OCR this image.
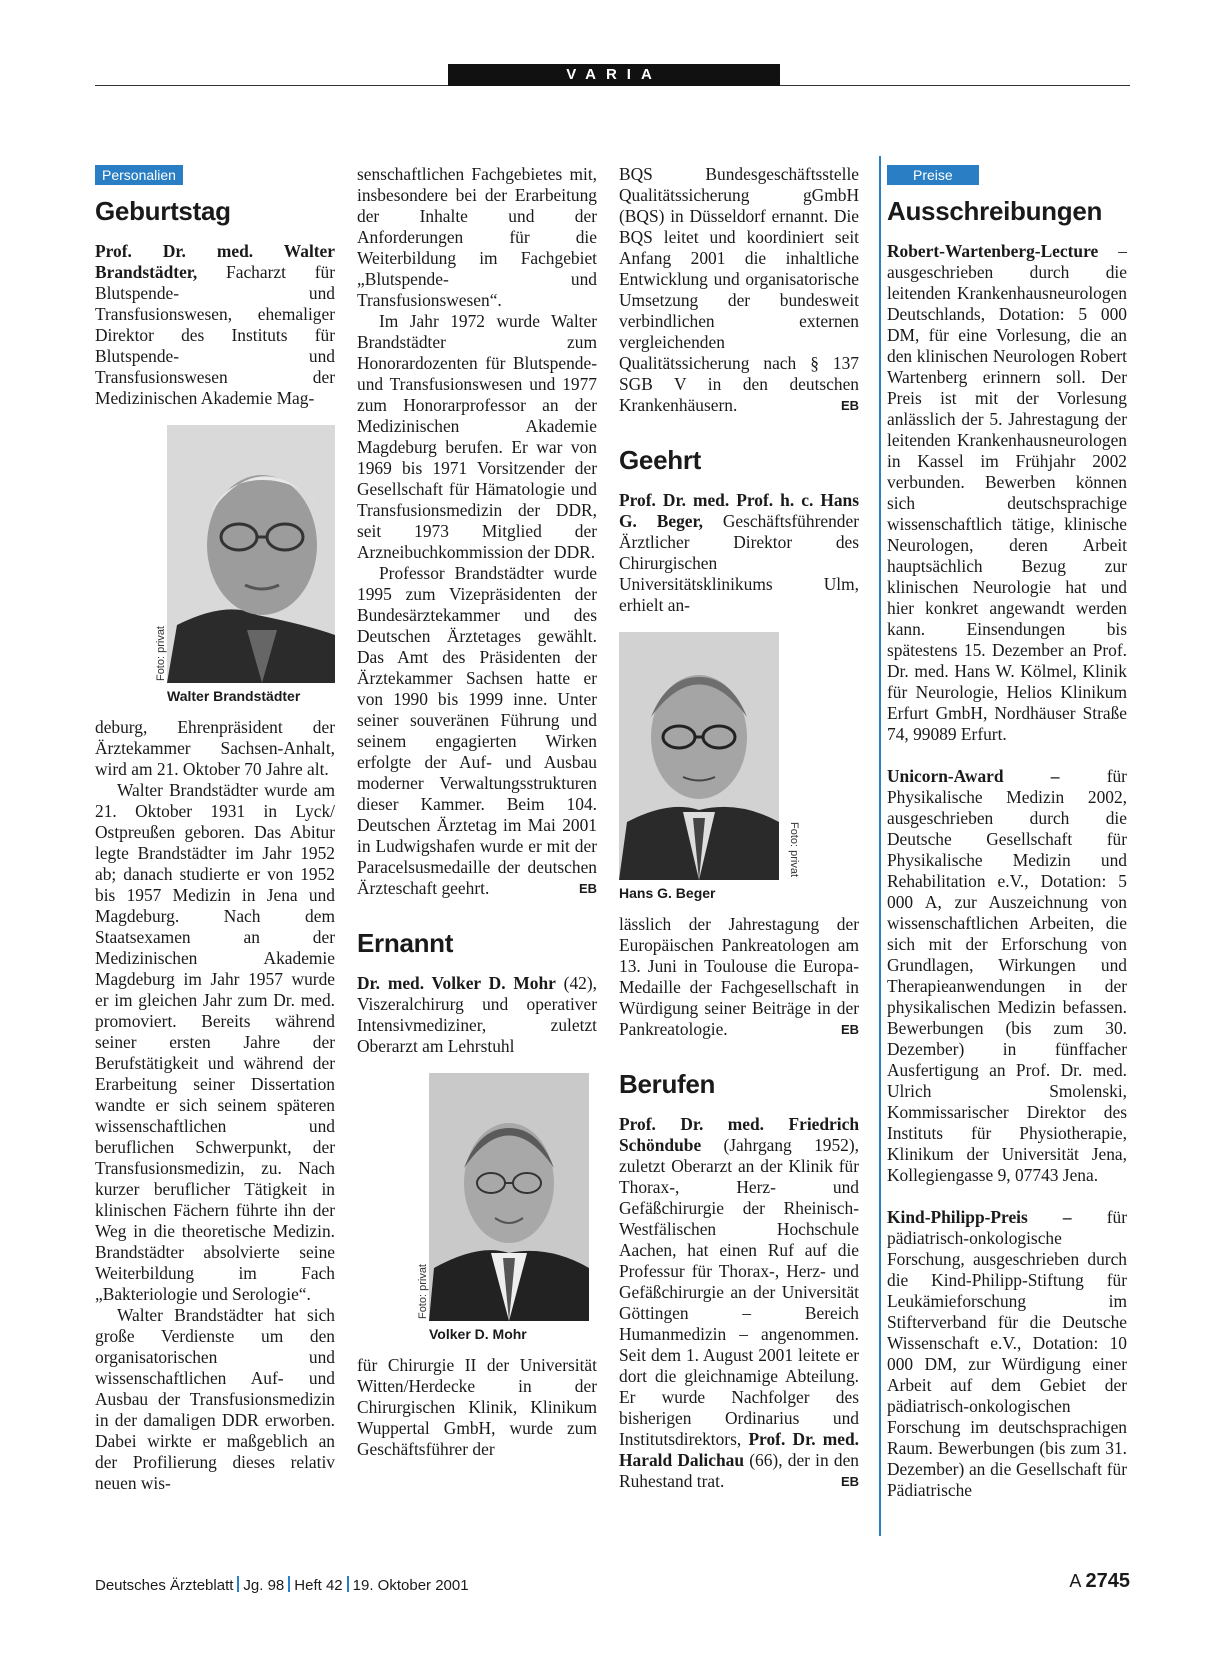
VARIA
Personalien
Geburtstag

Prof. Dr. med. Walter Brandstädter, Facharzt für Blutspende- und Transfusionswesen, ehemaliger Direktor des Instituts für Blutspende- und Transfusionswesen der Medizinischen Akademie Mag-

Foto: privat
Walter Brandstädter

deburg, Ehrenpräsident der Ärztekammer Sachsen-Anhalt, wird am 21. Oktober 70 Jahre alt.

Walter Brandstädter wurde am 21. Oktober 1931 in Lyck/ Ostpreußen geboren. Das Abitur legte Brandstädter im Jahr 1952 ab; danach studierte er von 1952 bis 1957 Medizin in Jena und Magdeburg. Nach dem Staatsexamen an der Medizinischen Akademie Magdeburg im Jahr 1957 wurde er im gleichen Jahr zum Dr. med. promoviert. Bereits während seiner ersten Jahre der Berufstätigkeit und während der Erarbeitung seiner Dissertation wandte er sich seinem späteren wissenschaftlichen und beruflichen Schwerpunkt, der Transfusionsmedizin, zu. Nach kurzer beruflicher Tätigkeit in klinischen Fächern führte ihn der Weg in die theoretische Medizin. Brandstädter absolvierte seine Weiterbildung im Fach „Bakteriologie und Serologie“.

Walter Brandstädter hat sich große Verdienste um den organisatorischen und wissenschaftlichen Auf- und Ausbau der Transfusionsmedizin in der damaligen DDR erworben. Dabei wirkte er maßgeblich an der Profilierung dieses relativ neuen wis-

senschaftlichen Fachgebietes mit, insbesondere bei der Erarbeitung der Inhalte und der Anforderungen für die Weiterbildung im Fachgebiet „Blutspende- und Transfusionswesen“.

Im Jahr 1972 wurde Walter Brandstädter zum Honorardozenten für Blutspende- und Transfusionswesen und 1977 zum Honorarprofessor an der Medizinischen Akademie Magdeburg berufen. Er war von 1969 bis 1971 Vorsitzender der Gesellschaft für Hämatologie und Transfusionsmedizin der DDR, seit 1973 Mitglied der Arzneibuchkommission der DDR.

Professor Brandstädter wurde 1995 zum Vizepräsidenten der Bundesärztekammer und des Deutschen Ärztetages gewählt. Das Amt des Präsidenten der Ärztekammer Sachsen hatte er von 1990 bis 1999 inne. Unter seiner souveränen Führung und seinem engagierten Wirken erfolgte der Auf- und Ausbau moderner Verwaltungsstrukturen dieser Kammer. Beim 104. Deutschen Ärztetag im Mai 2001 in Ludwigshafen wurde er mit der Paracelsusmedaille der deutschen Ärzteschaft geehrt.	EB

Ernannt

Dr. med. Volker D. Mohr (42), Viszeralchirurg und operativer Intensivmediziner, zuletzt Oberarzt am Lehrstuhl

Foto: privat
Volker D. Mohr

für Chirurgie II der Universität Witten/Herdecke in der Chirurgischen Klinik, Klinikum Wuppertal GmbH, wurde zum Geschäftsführer der

BQS Bundesgeschäftsstelle Qualitätssicherung gGmbH (BQS) in Düsseldorf ernannt. Die BQS leitet und koordiniert seit Anfang 2001 die inhaltliche Entwicklung und organisatorische Umsetzung der bundesweit verbindlichen externen vergleichenden Qualitätssicherung nach § 137 SGB V in den deutschen Krankenhäusern.	EB

Geehrt

Prof. Dr. med. Prof. h. c. Hans G. Beger, Geschäftsführender Ärztlicher Direktor des Chirurgischen Universitätsklinikums Ulm, erhielt an-

Foto: privat
Hans G. Beger

lässlich der Jahrestagung der Europäischen Pankreatologen am 13. Juni in Toulouse die Europa-Medaille der Fachgesellschaft in Würdigung seiner Beiträge in der Pankreatologie.	EB

Berufen

Prof. Dr. med. Friedrich Schöndube (Jahrgang 1952), zuletzt Oberarzt an der Klinik für Thorax-, Herz- und Gefäßchirurgie der Rheinisch-Westfälischen Hochschule Aachen, hat einen Ruf auf die Professur für Thorax-, Herz- und Gefäßchirurgie an der Universität Göttingen – Bereich Humanmedizin – angenommen. Seit dem 1. August 2001 leitete er dort die gleichnamige Abteilung. Er wurde Nachfolger des bisherigen Ordinarius und Institutsdirektors, Prof. Dr. med. Harald Dalichau (66), der in den Ruhestand trat.	EB

Preise
Ausschreibungen

Robert-Wartenberg-Lecture – ausgeschrieben durch die leitenden Krankenhausneurologen Deutschlands, Dotation: 5 000 DM, für eine Vorlesung, die an den klinischen Neurologen Robert Wartenberg erinnern soll. Der Preis ist mit der Vorlesung anlässlich der 5. Jahrestagung der leitenden Krankenhausneurologen in Kassel im Frühjahr 2002 verbunden. Bewerben können sich deutschsprachige wissenschaftlich tätige, klinische Neurologen, deren Arbeit hauptsächlich Bezug zur klinischen Neurologie hat und hier konkret angewandt werden kann. Einsendungen bis spätestens 15. Dezember an Prof. Dr. med. Hans W. Kölmel, Klinik für Neurologie, Helios Klinikum Erfurt GmbH, Nordhäuser Straße 74, 99089 Erfurt.

Unicorn-Award – für Physikalische Medizin 2002, ausgeschrieben durch die Deutsche Gesellschaft für Physikalische Medizin und Rehabilitation e.V., Dotation: 5 000 A, zur Auszeichnung von wissenschaftlichen Arbeiten, die sich mit der Erforschung von Grundlagen, Wirkungen und Therapieanwendungen in der physikalischen Medizin befassen. Bewerbungen (bis zum 30. Dezember) in fünffacher Ausfertigung an Prof. Dr. med. Ulrich Smolenski, Kommissarischer Direktor des Instituts für Physiotherapie, Klinikum der Universität Jena, Kollegiengasse 9, 07743 Jena.

Kind-Philipp-Preis – für pädiatrisch-onkologische Forschung, ausgeschrieben durch die Kind-Philipp-Stiftung für Leukämieforschung im Stifterverband für die Deutsche Wissenschaft e.V., Dotation: 10 000 DM, zur Würdigung einer Arbeit auf dem Gebiet der pädiatrisch-onkologischen Forschung im deutschsprachigen Raum. Bewerbungen (bis zum 31. Dezember) an die Gesellschaft für Pädiatrische

Deutsches Ärzteblatt Jg. 98 Heft 42 19. Oktober 2001	A 2745
